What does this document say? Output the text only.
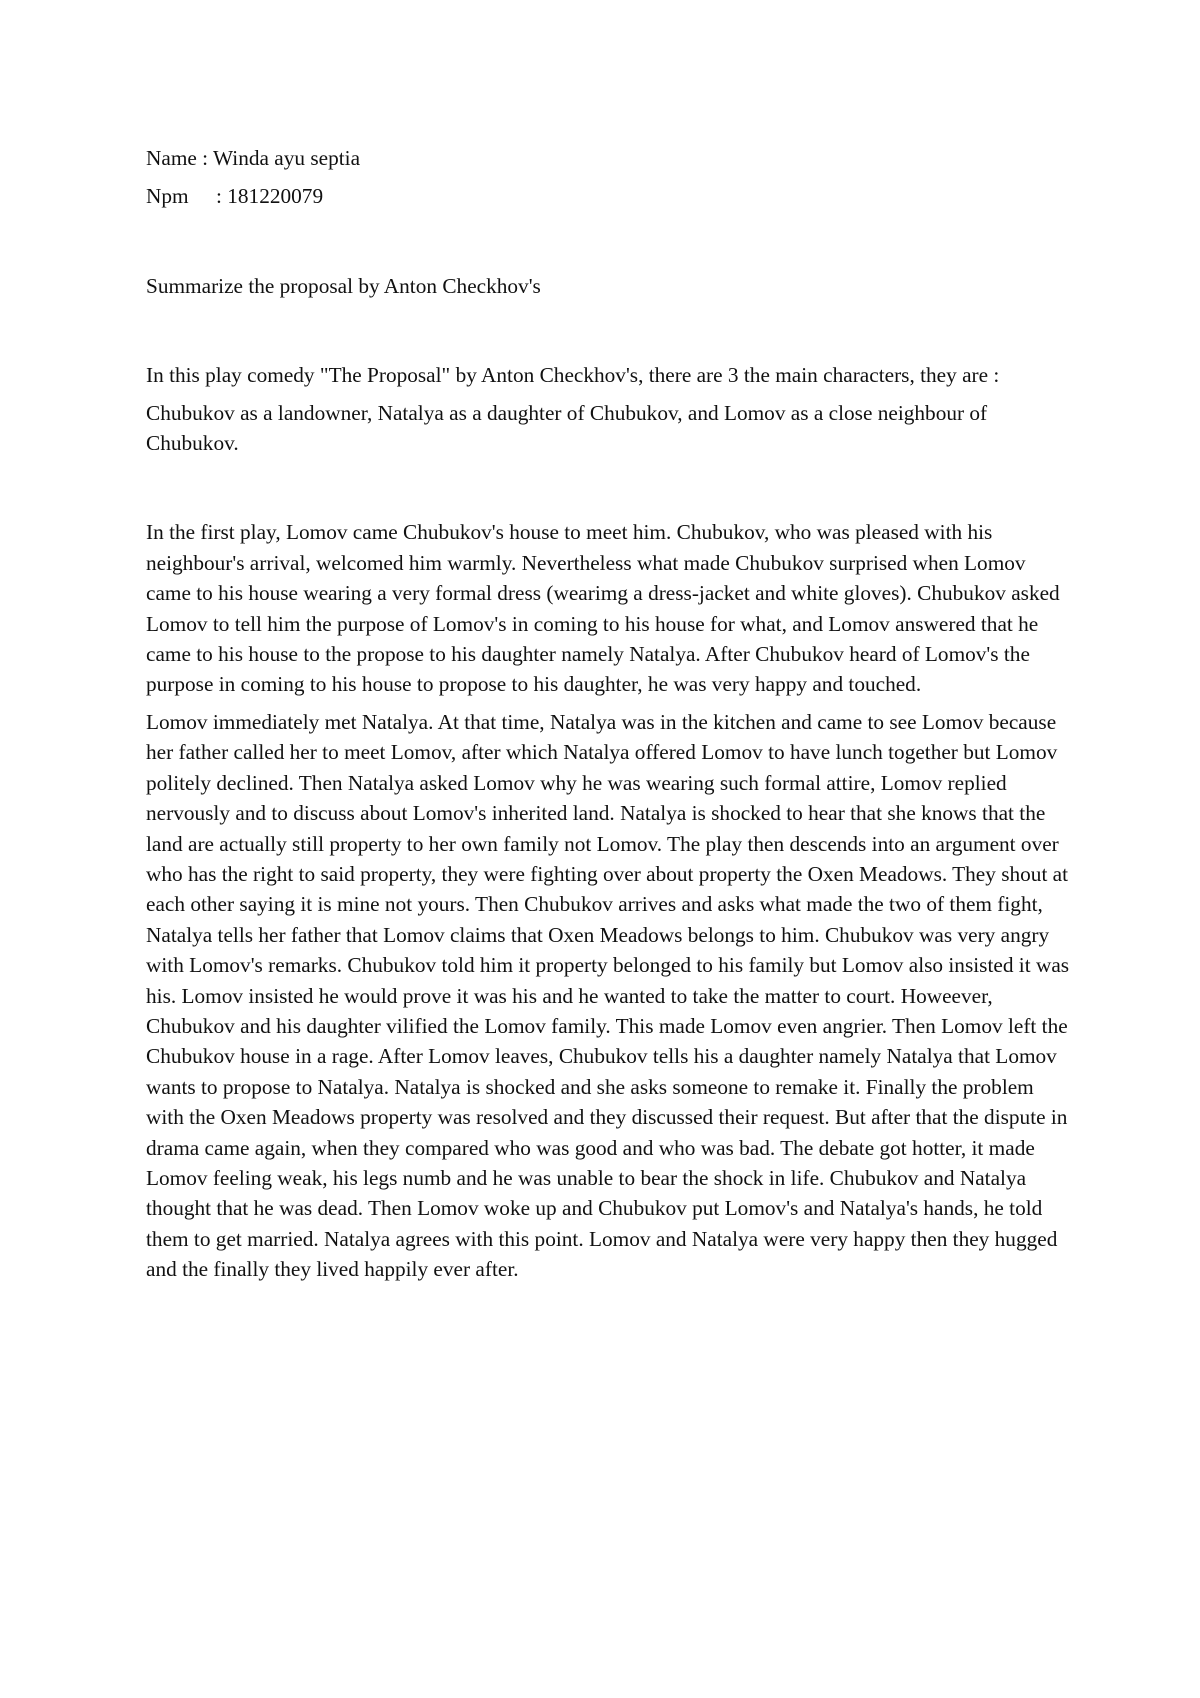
Name : Winda ayu septia

Npm : 181220079

Summarize the proposal by Anton Checkhov's

In this play comedy "The Proposal" by Anton Checkhov's, there are 3 the main characters, they are :

Chubukov as a landowner, Natalya as a daughter of Chubukov, and Lomov as a close neighbour of Chubukov.

In the first play, Lomov came Chubukov's house to meet him. Chubukov, who was pleased with his neighbour's arrival, welcomed him warmly. Nevertheless what made Chubukov surprised when Lomov came to his house wearing a very formal dress (wearimg a dress-jacket and white gloves). Chubukov asked Lomov to tell him the purpose of Lomov's in coming to his house for what, and Lomov answered that he came to his house to the propose to his daughter namely Natalya. After Chubukov heard of Lomov's the purpose in coming to his house to propose to his daughter, he was very happy and touched.

Lomov immediately met Natalya. At that time, Natalya was in the kitchen and came to see Lomov because her father called her to meet Lomov, after which Natalya offered Lomov to have lunch together but Lomov politely declined. Then Natalya asked Lomov why he was wearing such formal attire, Lomov replied nervously and to discuss about Lomov's inherited land. Natalya is shocked to hear that she knows that the land are actually still property to her own family not Lomov. The play then descends into an argument over who has the right to said property, they were fighting over about property the Oxen Meadows. They shout at each other saying it is mine not yours. Then Chubukov arrives and asks what made the two of them fight, Natalya tells her father that Lomov claims that Oxen Meadows belongs to him. Chubukov was very angry with Lomov's remarks. Chubukov told him it property belonged to his family but Lomov also insisted it was his. Lomov insisted he would prove it was his and he wanted to take the matter to court. Howeever, Chubukov and his daughter vilified the Lomov family. This made Lomov even angrier. Then Lomov left the Chubukov house in a rage. After Lomov leaves, Chubukov tells his a daughter namely Natalya that Lomov wants to propose to Natalya. Natalya is shocked and she asks someone to remake it. Finally the problem with the Oxen Meadows property was resolved and they discussed their request. But after that the dispute in drama came again, when they compared who was good and who was bad. The debate got hotter, it made Lomov feeling weak, his legs numb and he was unable to bear the shock in life. Chubukov and Natalya thought that he was dead. Then Lomov woke up and Chubukov put Lomov's and Natalya's hands, he told them to get married. Natalya agrees with this point. Lomov and Natalya were very happy then they hugged and the finally they lived happily ever after.
